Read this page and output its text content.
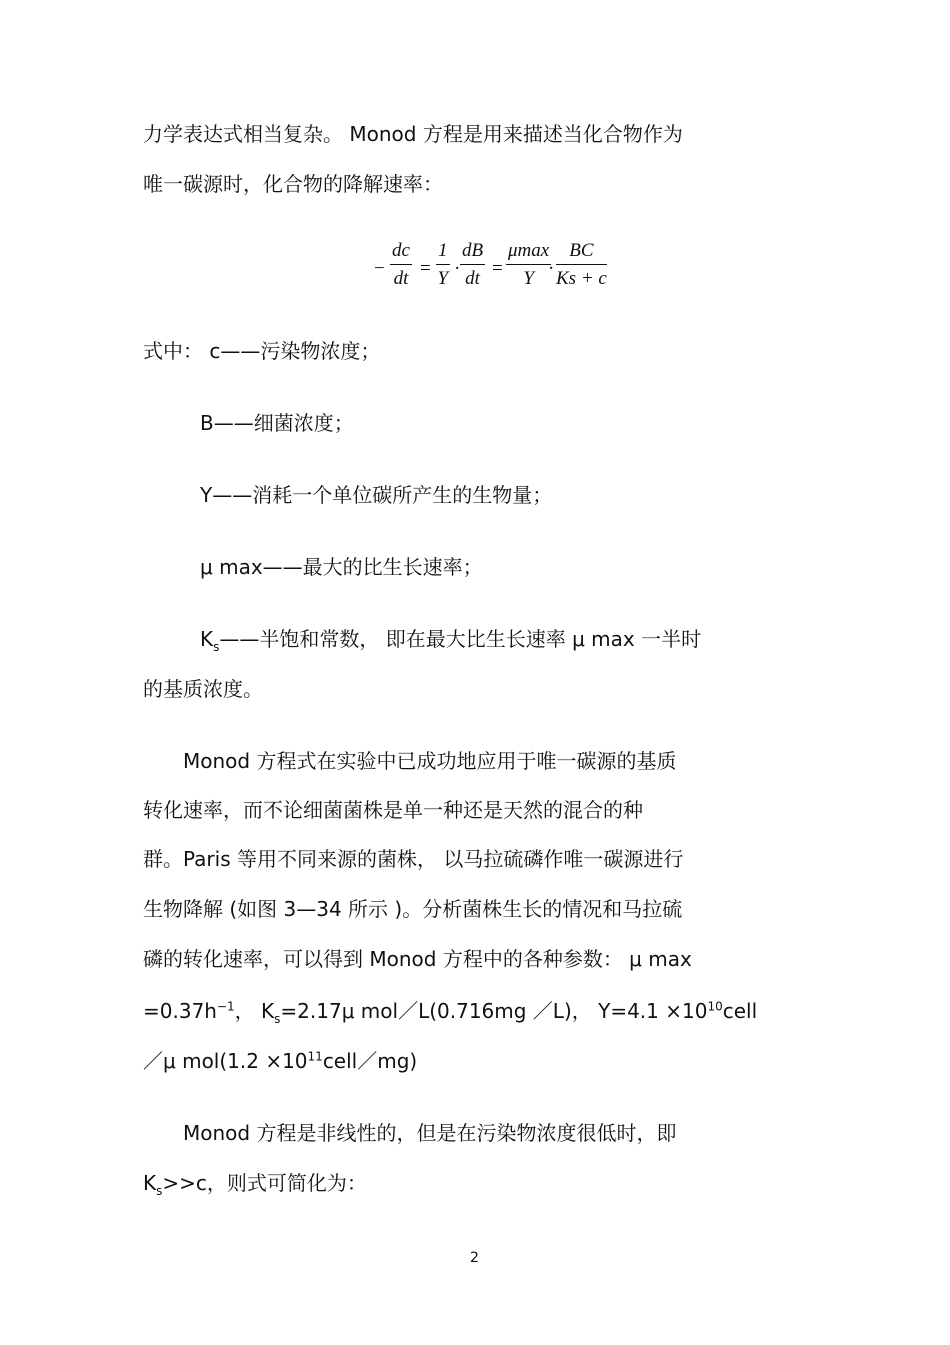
力学表达式相当复杂。 Monod 方程是用来描述当化合物作为
唯一碳源时，化合物的降解速率：
− $\frac{dc}{dt} = \frac{1}{Y} \cdot \frac{dB}{dt}$ =
μmax
$Y \cdot \frac{BC}{Ks + c}$
式中： c——污染物浓度；
B——细菌浓度；
Y——消耗一个单位碳所产生的生物量；
μ max——最大的比生长速率；
$K_s——$半饱和常数， 即在最大比生长速率 μ max 一半时
的基质浓度。
Monod 方程式在实验中已成功地应用于唯一碳源的基质
转化速率，而不论细菌菌株是单一种还是天然的混合的种
群。Paris 等用不同来源的菌株， 以马拉硫磷作唯一碳源进行
生物降解 (如图 3—34 所示 )。分析菌株生长的情况和马拉硫
磷的转化速率，可以得到 Monod 方程中的各种参数： μ max
$=0.37h^{-1}$， $K_s=2.17\mu$ mol／L(0.716mg ／L)， $Y=4.1 \times 10^{10}cell$
／μ $mol(1.2 \times 10^{11}cell/mg)$
Monod 方程是非线性的，但是在污染物浓度很低时，即
$K_s>>c$，则式可简化为：
2
